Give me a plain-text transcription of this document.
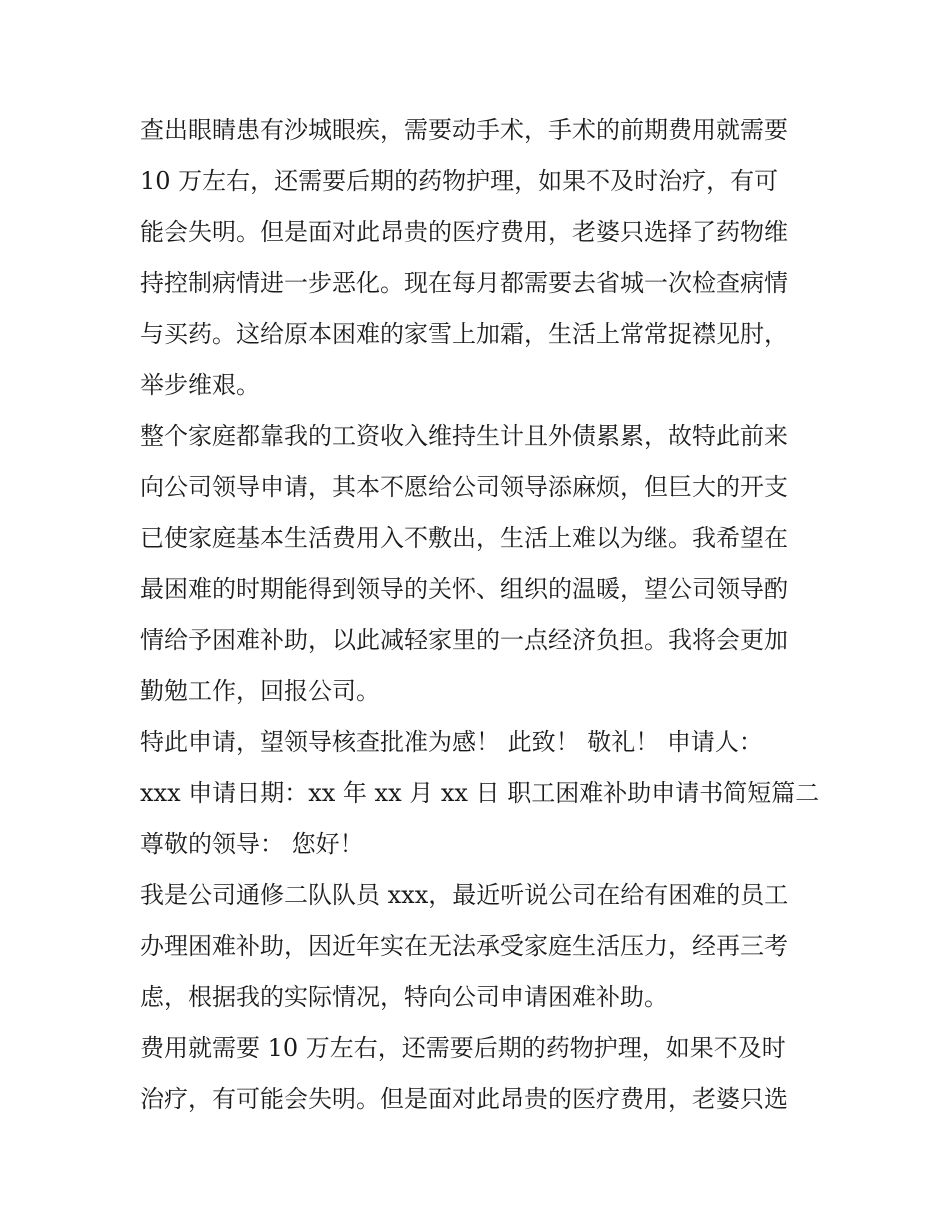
查出眼睛患有沙城眼疾，需要动手术，手术的前期费用就需要
10 万左右，还需要后期的药物护理，如果不及时治疗，有可
能会失明。但是面对此昂贵的医疗费用，老婆只选择了药物维
持控制病情进一步恶化。现在每月都需要去省城一次检查病情
与买药。这给原本困难的家雪上加霜，生活上常常捉襟见肘，
举步维艰。
整个家庭都靠我的工资收入维持生计且外债累累，故特此前来
向公司领导申请，其本不愿给公司领导添麻烦，但巨大的开支
已使家庭基本生活费用入不敷出，生活上难以为继。我希望在
最困难的时期能得到领导的关怀、组织的温暖，望公司领导酌
情给予困难补助，以此减轻家里的一点经济负担。我将会更加
勤勉工作，回报公司。
特此申请，望领导核查批准为感！ 此致！ 敬礼！ 申请人：
xxx 申请日期：xx 年 xx 月 xx 日 职工困难补助申请书简短篇二
尊敬的领导： 您好！
我是公司通修二队队员 xxx，最近听说公司在给有困难的员工
办理困难补助，因近年实在无法承受家庭生活压力，经再三考
虑，根据我的实际情况，特向公司申请困难补助。
费用就需要 10 万左右，还需要后期的药物护理，如果不及时
治疗，有可能会失明。但是面对此昂贵的医疗费用，老婆只选
